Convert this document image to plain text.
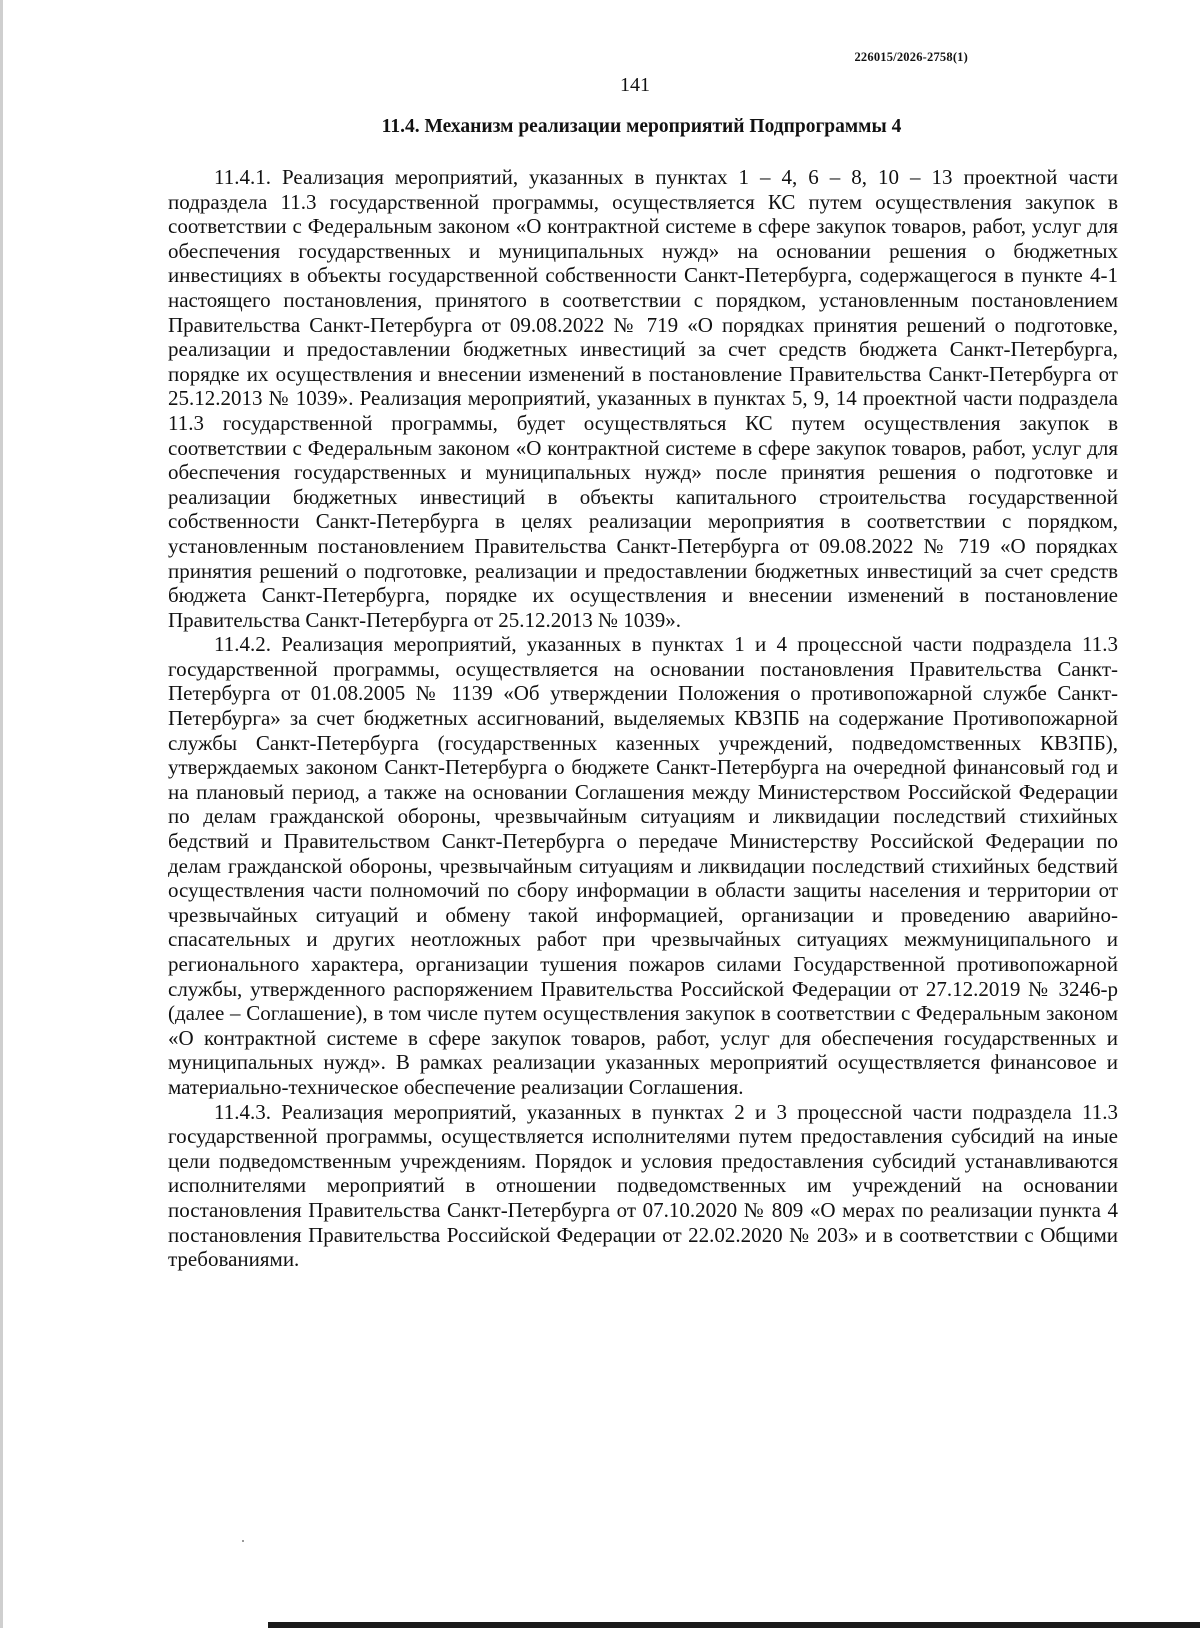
226015/2026-2758(1)
141
11.4. Механизм реализации мероприятий Подпрограммы 4

11.4.1. Реализация мероприятий, указанных в пунктах 1 – 4, 6 – 8, 10 – 13 проектной части подраздела 11.3 государственной программы, осуществляется КС путем осуществления закупок в соответствии с Федеральным законом «О контрактной системе в сфере закупок товаров, работ, услуг для обеспечения государственных и муниципальных нужд» на основании решения о бюджетных инвестициях в объекты государственной собственности Санкт-Петербурга, содержащегося в пункте 4-1 настоящего постановления, принятого в соответствии с порядком, установленным постановлением Правительства Санкт-Петербурга от 09.08.2022 № 719 «О порядках принятия решений о подготовке, реализации и предоставлении бюджетных инвестиций за счет средств бюджета Санкт-Петербурга, порядке их осуществления и внесении изменений в постановление Правительства Санкт-Петербурга от 25.12.2013 № 1039». Реализация мероприятий, указанных в пунктах 5, 9, 14 проектной части подраздела 11.3 государственной программы, будет осуществляться КС путем осуществления закупок в соответствии с Федеральным законом «О контрактной системе в сфере закупок товаров, работ, услуг для обеспечения государственных и муниципальных нужд» после принятия решения о подготовке и реализации бюджетных инвестиций в объекты капитального строительства государственной собственности Санкт-Петербурга в целях реализации мероприятия в соответствии с порядком, установленным постановлением Правительства Санкт-Петербурга от 09.08.2022 № 719 «О порядках принятия решений о подготовке, реализации и предоставлении бюджетных инвестиций за счет средств бюджета Санкт-Петербурга, порядке их осуществления и внесении изменений в постановление Правительства Санкт-Петербурга от 25.12.2013 № 1039».

11.4.2. Реализация мероприятий, указанных в пунктах 1 и 4 процессной части подраздела 11.3 государственной программы, осуществляется на основании постановления Правительства Санкт-Петербурга от 01.08.2005 № 1139 «Об утверждении Положения о противопожарной службе Санкт-Петербурга» за счет бюджетных ассигнований, выделяемых КВЗПБ на содержание Противопожарной службы Санкт-Петербурга (государственных казенных учреждений, подведомственных КВЗПБ), утверждаемых законом Санкт-Петербурга о бюджете Санкт-Петербурга на очередной финансовый год и на плановый период, а также на основании Соглашения между Министерством Российской Федерации по делам гражданской обороны, чрезвычайным ситуациям и ликвидации последствий стихийных бедствий и Правительством Санкт-Петербурга о передаче Министерству Российской Федерации по делам гражданской обороны, чрезвычайным ситуациям и ликвидации последствий стихийных бедствий осуществления части полномочий по сбору информации в области защиты населения и территории от чрезвычайных ситуаций и обмену такой информацией, организации и проведению аварийно-спасательных и других неотложных работ при чрезвычайных ситуациях межмуниципального и регионального характера, организации тушения пожаров силами Государственной противопожарной службы, утвержденного распоряжением Правительства Российской Федерации от 27.12.2019 № 3246-р (далее – Соглашение), в том числе путем осуществления закупок в соответствии с Федеральным законом «О контрактной системе в сфере закупок товаров, работ, услуг для обеспечения государственных и муниципальных нужд». В рамках реализации указанных мероприятий осуществляется финансовое и материально-техническое обеспечение реализации Соглашения.

11.4.3. Реализация мероприятий, указанных в пунктах 2 и 3 процессной части подраздела 11.3 государственной программы, осуществляется исполнителями путем предоставления субсидий на иные цели подведомственным учреждениям. Порядок и условия предоставления субсидий устанавливаются исполнителями мероприятий в отношении подведомственных им учреждений на основании постановления Правительства Санкт-Петербурга от 07.10.2020 № 809 «О мерах по реализации пункта 4 постановления Правительства Российской Федерации от 22.02.2020 № 203» и в соответствии с Общими требованиями.
